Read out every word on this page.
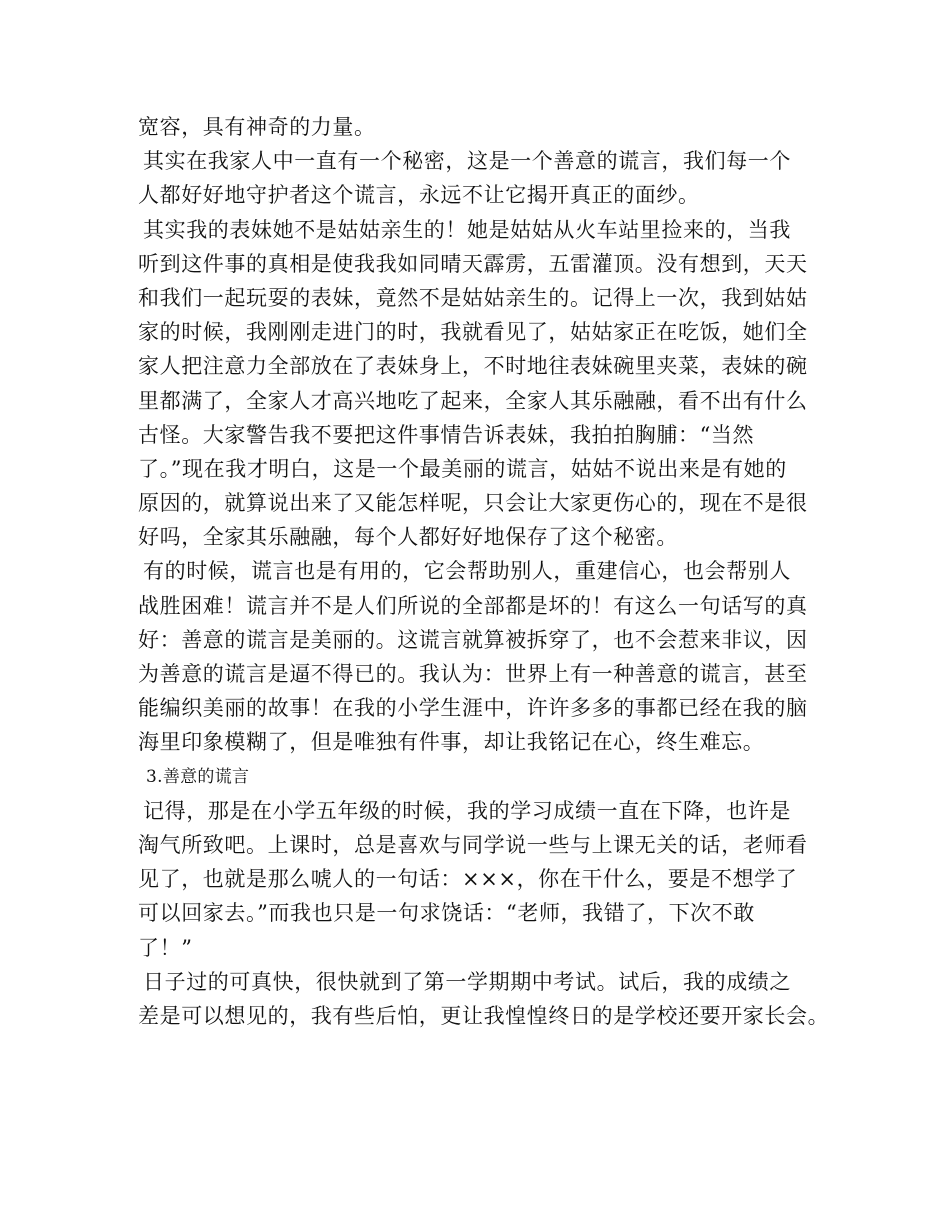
宽容，具有神奇的力量。
其实在我家人中一直有一个秘密，这是一个善意的谎言，我们每一个
人都好好地守护者这个谎言，永远不让它揭开真正的面纱。
其实我的表妹她不是姑姑亲生的！她是姑姑从火车站里捡来的，当我
听到这件事的真相是使我我如同晴天霹雳，五雷灌顶。没有想到，天天
和我们一起玩耍的表妹，竟然不是姑姑亲生的。记得上一次，我到姑姑
家的时候，我刚刚走进门的时，我就看见了，姑姑家正在吃饭，她们全
家人把注意力全部放在了表妹身上，不时地往表妹碗里夹菜，表妹的碗
里都满了，全家人才高兴地吃了起来，全家人其乐融融，看不出有什么
古怪。大家警告我不要把这件事情告诉表妹，我拍拍胸脯：“当然
了。”现在我才明白，这是一个最美丽的谎言，姑姑不说出来是有她的
原因的，就算说出来了又能怎样呢，只会让大家更伤心的，现在不是很
好吗，全家其乐融融，每个人都好好地保存了这个秘密。
有的时候，谎言也是有用的，它会帮助别人，重建信心，也会帮别人
战胜困难！谎言并不是人们所说的全部都是坏的！有这么一句话写的真
好：善意的谎言是美丽的。这谎言就算被拆穿了，也不会惹来非议，因
为善意的谎言是逼不得已的。我认为：世界上有一种善意的谎言，甚至
能编织美丽的故事！在我的小学生涯中，许许多多的事都已经在我的脑
海里印象模糊了，但是唯独有件事，却让我铭记在心，终生难忘。
3.善意的谎言
记得，那是在小学五年级的时候，我的学习成绩一直在下降，也许是
淘气所致吧。上课时，总是喜欢与同学说一些与上课无关的话，老师看
见了，也就是那么唬人的一句话：×××，你在干什么，要是不想学了
可以回家去。”而我也只是一句求饶话：“老师，我错了，下次不敢
了！”
日子过的可真快，很快就到了第一学期期中考试。试后，我的成绩之
差是可以想见的，我有些后怕，更让我惶惶终日的是学校还要开家长会。
